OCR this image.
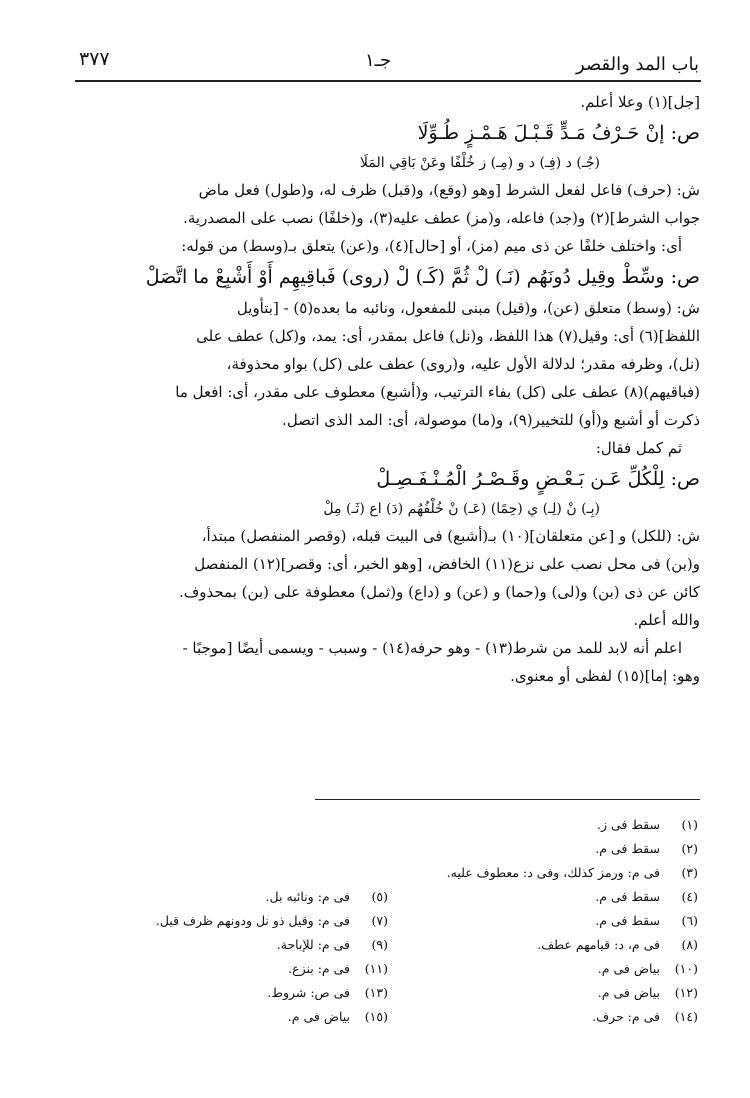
باب المد والقصر
جـ١
٣٧٧
[جل](١) وعلا أعلم.
ص: إنْ حَـرْفُ مَـدٍّ قَـبْـلَ هَـمْـزٍ طُـوِّلَا
(جُـ) د (فِـ) د و (مِـ) ز خُلْفًا وعَنْ بَاقِي المَلَا
ش: (حرف) فاعل لفعل الشرط [وهو (وقع)، و(قبل) ظرف له، و(طول) فعل ماض
جواب الشرط](٢) و(جد) فاعله، و(مز) عطف عليه(٣)، و(خلفًا) نصب على المصدرية.
أى: واختلف خلفًا عن ذى ميم (مز)، أو [حال](٤)، و(عن) يتعلق بـ(وسط) من قوله:
ص: وسِّطْ وقِيل دُونَهُم (نَـ) لْ ثُمَّ (كَـ) لْ (روى) فَباقِيهِم أَوْ أَشْبِعْ ما اتَّصَلْ
ش: (وسط) متعلق (عن)، و(قيل) مبنى للمفعول، ونائبه ما بعده(٥) - [بتأويل
اللفظ](٦) أى: وقيل(٧) هذا اللفظ، و(نل) فاعل بمقدر، أى: يمد، و(كل) عطف على
(نل)، وظرفه مقدر؛ لدلالة الأول عليه، و(روى) عطف على (كل) بواو محذوفة،
(فباقيهم)(٨) عطف على (كل) بفاء الترتيب، و(أشبع) معطوف على مقدر، أى: افعل ما
ذكرت أو أشبع و(أو) للتخيير(٩)، و(ما) موصولة، أى: المد الذى اتصل.
ثم كمل فقال:
ص: لِلْكُلِّ عَـن بَـعْـضٍ وقَـصْـرُ الْمُـنْـفَـصِـلْ
(بِـ) نْ (لِـ) ي (حِمًا) (عَـ) نْ خُلْفُهُم (دَ) اع (ثَـ) مِلْ
ش: (للكل) و [عن متعلقان](١٠) بـ(أشبع) فى البيت قبله، (وقصر المنفصل) مبتدأ،
و(بن) فى محل نصب على نزع(١١) الخافض، [وهو الخبر، أى: وقصر](١٢) المنفصل
كائن عن ذى (بن) و(لى) و(حما) و (عن) و (داع) و(ثمل) معطوفة على (بن) بمحذوف.
والله أعلم.
اعلم أنه لابد للمد من شرط(١٣) - وهو حرفه(١٤) - وسبب - ويسمى أيضًا [موجبًا -
وهو: إما](١٥) لفظى أو معنوى.
(١) سقط فى ز.
(٢) سقط فى م.
(٣) فى م: ورمز كذلك، وفى د: معطوف عليه.
(٤) سقط فى م.
(٦) سقط فى م.
(٨) فى م، د: قيامهم عطف.
(١٠) بياض فى م.
(١٢) بياض فى م.
(١٤) فى م: حرف.
(٥) فى م: ونائبه بل.
(٧) فى م: وقيل ذو نل ودونهم ظرف قيل.
(٩) فى م: للإباحة.
(١١) فى م: بنزع.
(١٣) فى ص: شروط.
(١٥) بياض فى م.
